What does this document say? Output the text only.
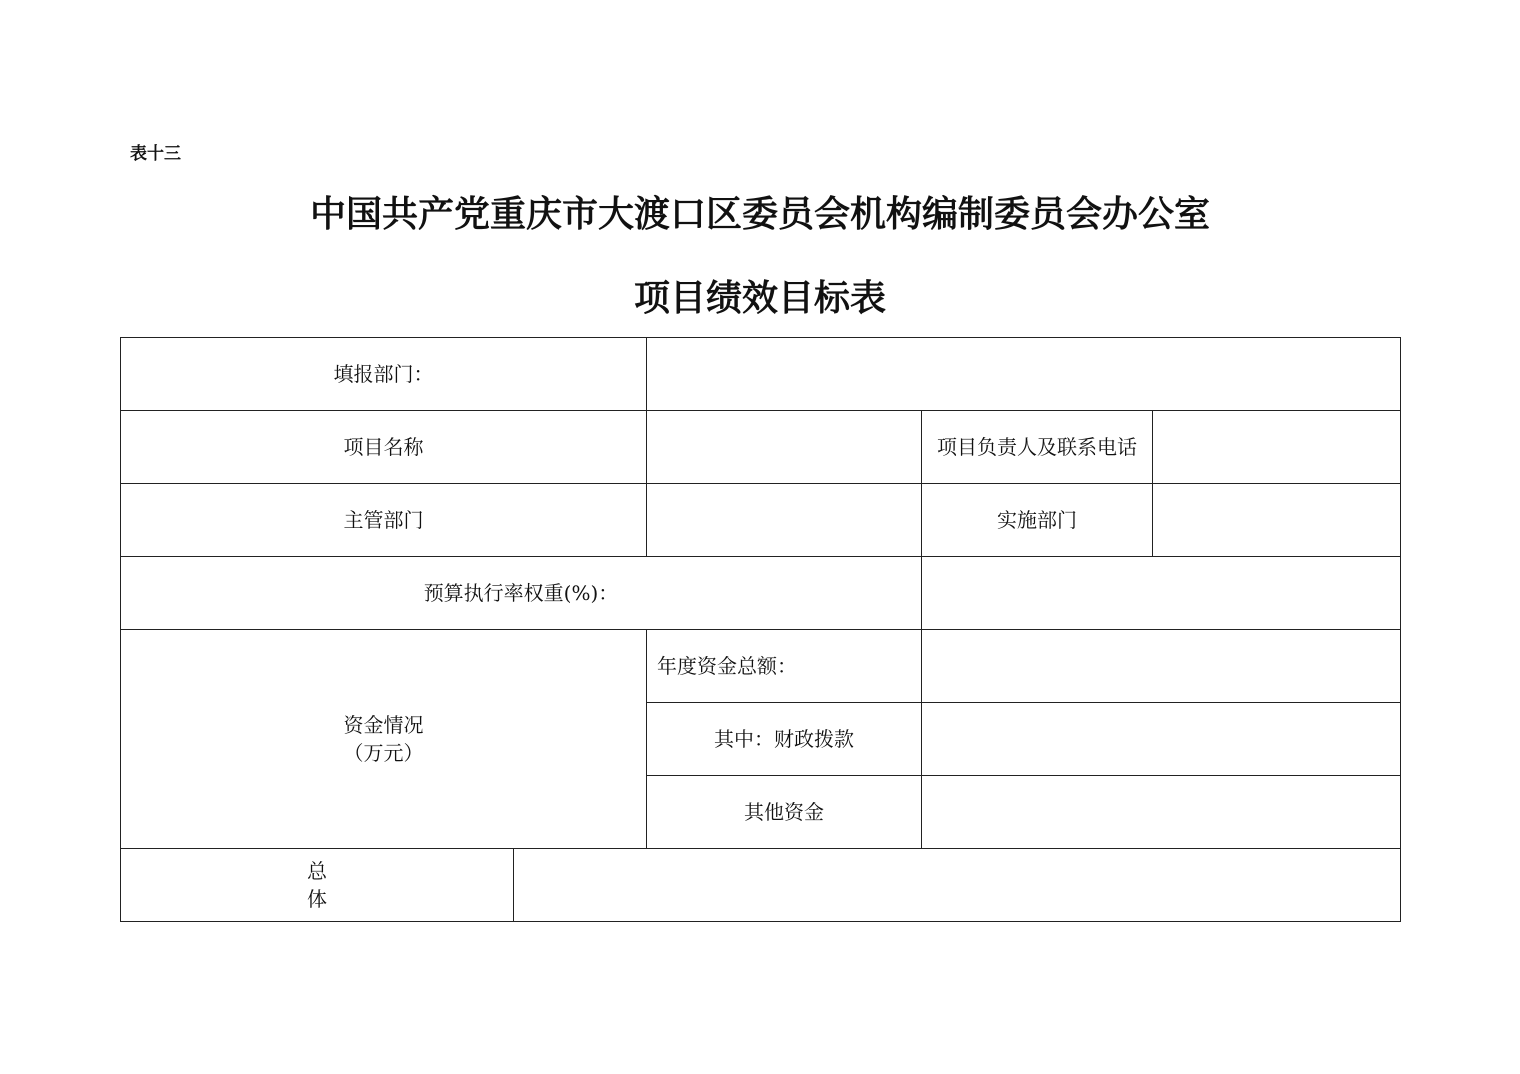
表十三
中国共产党重庆市大渡口区委员会机构编制委员会办公室
项目绩效目标表
填报部门：				
项目名称			项目负责人及联系电话	
主管部门			实施部门	
预算执行率权重(%)：				

资金情况
（万元）		年度资金总额：		
		其中：财政拨款		
		其他资金		

总
体				
